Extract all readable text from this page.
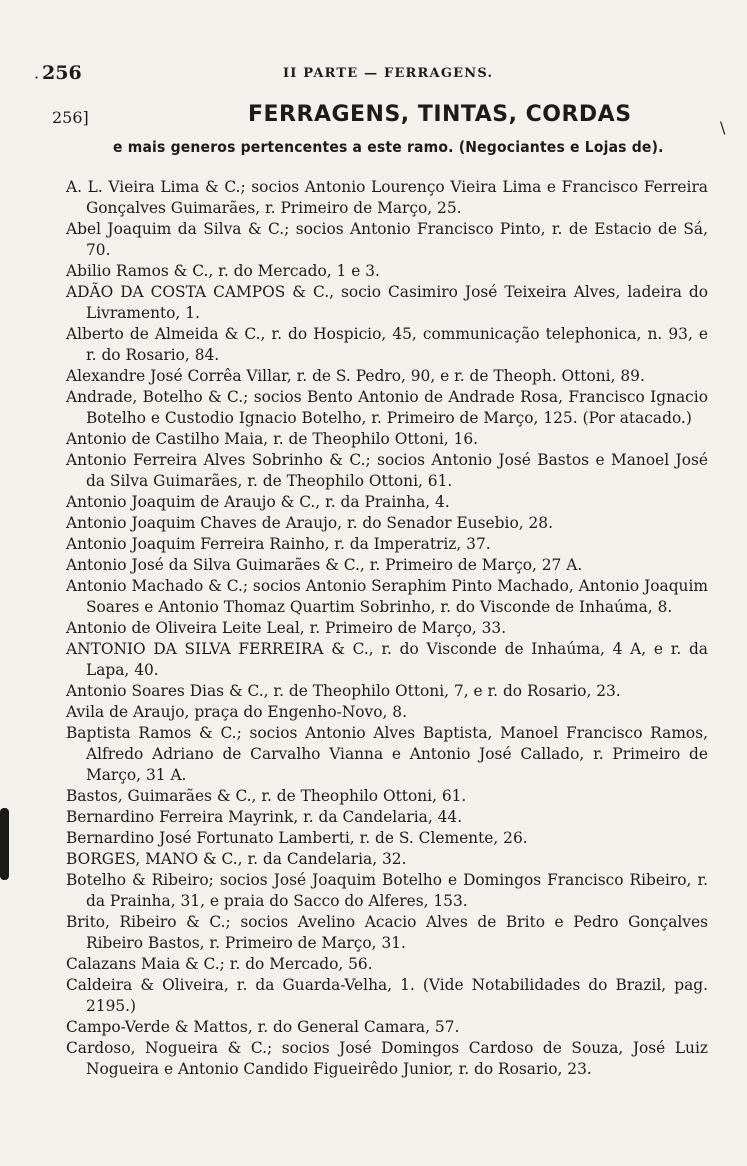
· 256	II PARTE — FERRAGENS.
256]	FERRAGENS, TINTAS, CORDAS
e mais generos pertencentes a este ramo. (Negociantes e Lojas de).

A. L. Vieira Lima & C.; socios Antonio Lourenço Vieira Lima e Francisco Ferreira Gonçalves Guimarães, r. Primeiro de Março, 25.

Abel Joaquim da Silva & C.; socios Antonio Francisco Pinto, r. de Estacio de Sá, 70.

Abilio Ramos & C., r. do Mercado, 1 e 3.

ADÃO DA COSTA CAMPOS & C., socio Casimiro José Teixeira Alves, ladeira do Livramento, 1.

Alberto de Almeida & C., r. do Hospicio, 45, communicação telephonica, n. 93, e r. do Rosario, 84.

Alexandre José Corrêa Villar, r. de S. Pedro, 90, e r. de Theoph. Ottoni, 89.

Andrade, Botelho & C.; socios Bento Antonio de Andrade Rosa, Francisco Ignacio Botelho e Custodio Ignacio Botelho, r. Primeiro de Março, 125. (Por atacado.)

Antonio de Castilho Maia, r. de Theophilo Ottoni, 16.

Antonio Ferreira Alves Sobrinho & C.; socios Antonio José Bastos e Manoel José da Silva Guimarães, r. de Theophilo Ottoni, 61.

Antonio Joaquim de Araujo & C., r. da Prainha, 4.

Antonio Joaquim Chaves de Araujo, r. do Senador Eusebio, 28.

Antonio Joaquim Ferreira Rainho, r. da Imperatriz, 37.

Antonio José da Silva Guimarães & C., r. Primeiro de Março, 27 A.

Antonio Machado & C.; socios Antonio Seraphim Pinto Machado, Antonio Joaquim Soares e Antonio Thomaz Quartim Sobrinho, r. do Visconde de Inhaúma, 8.

Antonio de Oliveira Leite Leal, r. Primeiro de Março, 33.

ANTONIO DA SILVA FERREIRA & C., r. do Visconde de Inhaúma, 4 A, e r. da Lapa, 40.

Antonio Soares Dias & C., r. de Theophilo Ottoni, 7, e r. do Rosario, 23.

Avila de Araujo, praça do Engenho-Novo, 8.

Baptista Ramos & C.; socios Antonio Alves Baptista, Manoel Francisco Ramos, Alfredo Adriano de Carvalho Vianna e Antonio José Callado, r. Primeiro de Março, 31 A.

Bastos, Guimarães & C., r. de Theophilo Ottoni, 61.

Bernardino Ferreira Mayrink, r. da Candelaria, 44.

Bernardino José Fortunato Lamberti, r. de S. Clemente, 26.

BORGES, MANO & C., r. da Candelaria, 32.

Botelho & Ribeiro; socios José Joaquim Botelho e Domingos Francisco Ribeiro, r. da Prainha, 31, e praia do Sacco do Alferes, 153.

Brito, Ribeiro & C.; socios Avelino Acacio Alves de Brito e Pedro Gonçalves Ribeiro Bastos, r. Primeiro de Março, 31.

Calazans Maia & C.; r. do Mercado, 56.

Caldeira & Oliveira, r. da Guarda-Velha, 1. (Vide Notabilidades do Brazil, pag. 2195.)

Campo-Verde & Mattos, r. do General Camara, 57.

Cardoso, Nogueira & C.; socios José Domingos Cardoso de Souza, José Luiz Nogueira e Antonio Candido Figueirêdo Junior, r. do Rosario, 23.

\
